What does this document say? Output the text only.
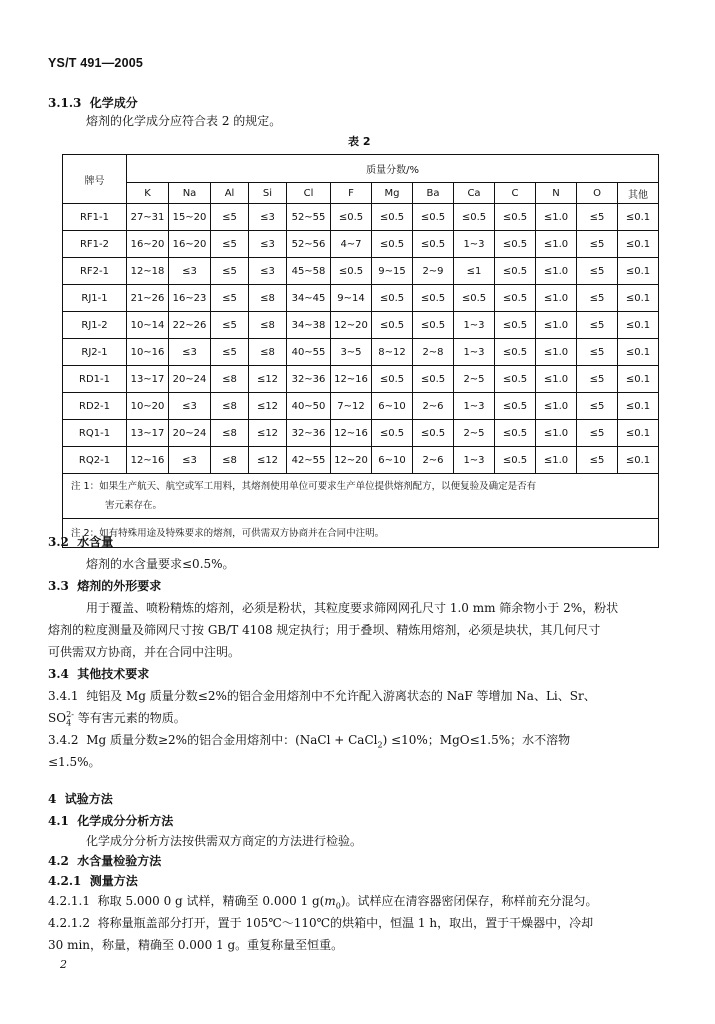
YS/T 491—2005
3.1.3 化学成分
熔剂的化学成分应符合表 2 的规定。
表 2
牌号	质量分数/%												
	K	Na	Al	Si	Cl	F	Mg	Ba	Ca	C	N	O	其他
RF1-1	27~31	15~20	≤5	≤3	52~55	≤0.5	≤0.5	≤0.5	≤0.5	≤0.5	≤1.0	≤5	≤0.1
RF1-2	16~20	16~20	≤5	≤3	52~56	4~7	≤0.5	≤0.5	1~3	≤0.5	≤1.0	≤5	≤0.1
RF2-1	12~18	≤3	≤5	≤3	45~58	≤0.5	9~15	2~9	≤1	≤0.5	≤1.0	≤5	≤0.1
RJ1-1	21~26	16~23	≤5	≤8	34~45	9~14	≤0.5	≤0.5	≤0.5	≤0.5	≤1.0	≤5	≤0.1
RJ1-2	10~14	22~26	≤5	≤8	34~38	12~20	≤0.5	≤0.5	1~3	≤0.5	≤1.0	≤5	≤0.1
RJ2-1	10~16	≤3	≤5	≤8	40~55	3~5	8~12	2~8	1~3	≤0.5	≤1.0	≤5	≤0.1
RD1-1	13~17	20~24	≤8	≤12	32~36	12~16	≤0.5	≤0.5	2~5	≤0.5	≤1.0	≤5	≤0.1
RD2-1	10~20	≤3	≤8	≤12	40~50	7~12	6~10	2~6	1~3	≤0.5	≤1.0	≤5	≤0.1
RQ1-1	13~17	20~24	≤8	≤12	32~36	12~16	≤0.5	≤0.5	2~5	≤0.5	≤1.0	≤5	≤0.1
RQ2-1	12~16	≤3	≤8	≤12	42~55	12~20	6~10	2~6	1~3	≤0.5	≤1.0	≤5	≤0.1
注 1：如果生产航天、航空或军工用料，其熔剂使用单位可要求生产单位提供熔剂配方，以便复验及确定是否有
害元素存在。													
注 2：如有特殊用途及特殊要求的熔剂，可供需双方协商并在合同中注明。													
3.2 水含量
熔剂的水含量要求≤0.5%。
3.3 熔剂的外形要求
用于覆盖、喷粉精炼的熔剂，必须是粉状，其粒度要求筛网网孔尺寸 1.0 mm 筛余物小于 2%，粉状
熔剂的粒度测量及筛网尺寸按 GB/T 4108 规定执行；用于叠坝、精炼用熔剂，必须是块状，其几何尺寸
可供需双方协商，并在合同中注明。
3.4 其他技术要求
3.4.1 纯铝及 Mg 质量分数≤2%的铝合金用熔剂中不允许配入游离状态的 NaF 等增加 Na、Li、Sr、
$SO_4^{2-}$ 等有害元素的物质。
3.4.2 Mg 质量分数≥2%的铝合金用熔剂中：(NaCl + CaCl$_2$) ≤10%；MgO≤1.5%；水不溶物
≤1.5%。
4 试验方法
4.1 化学成分分析方法
化学成分分析方法按供需双方商定的方法进行检验。
4.2 水含量检验方法
4.2.1 测量方法
4.2.1.1 称取 5.000 0 g 试样，精确至 0.000 1 $g(m_0)$。试样应在清容器密闭保存，称样前充分混匀。
4.2.1.2 将称量瓶盖部分打开，置于 105℃～110℃的烘箱中，恒温 1 h，取出，置于干燥器中，冷却
30 min，称量，精确至 0.000 1 g。重复称量至恒重。
2
